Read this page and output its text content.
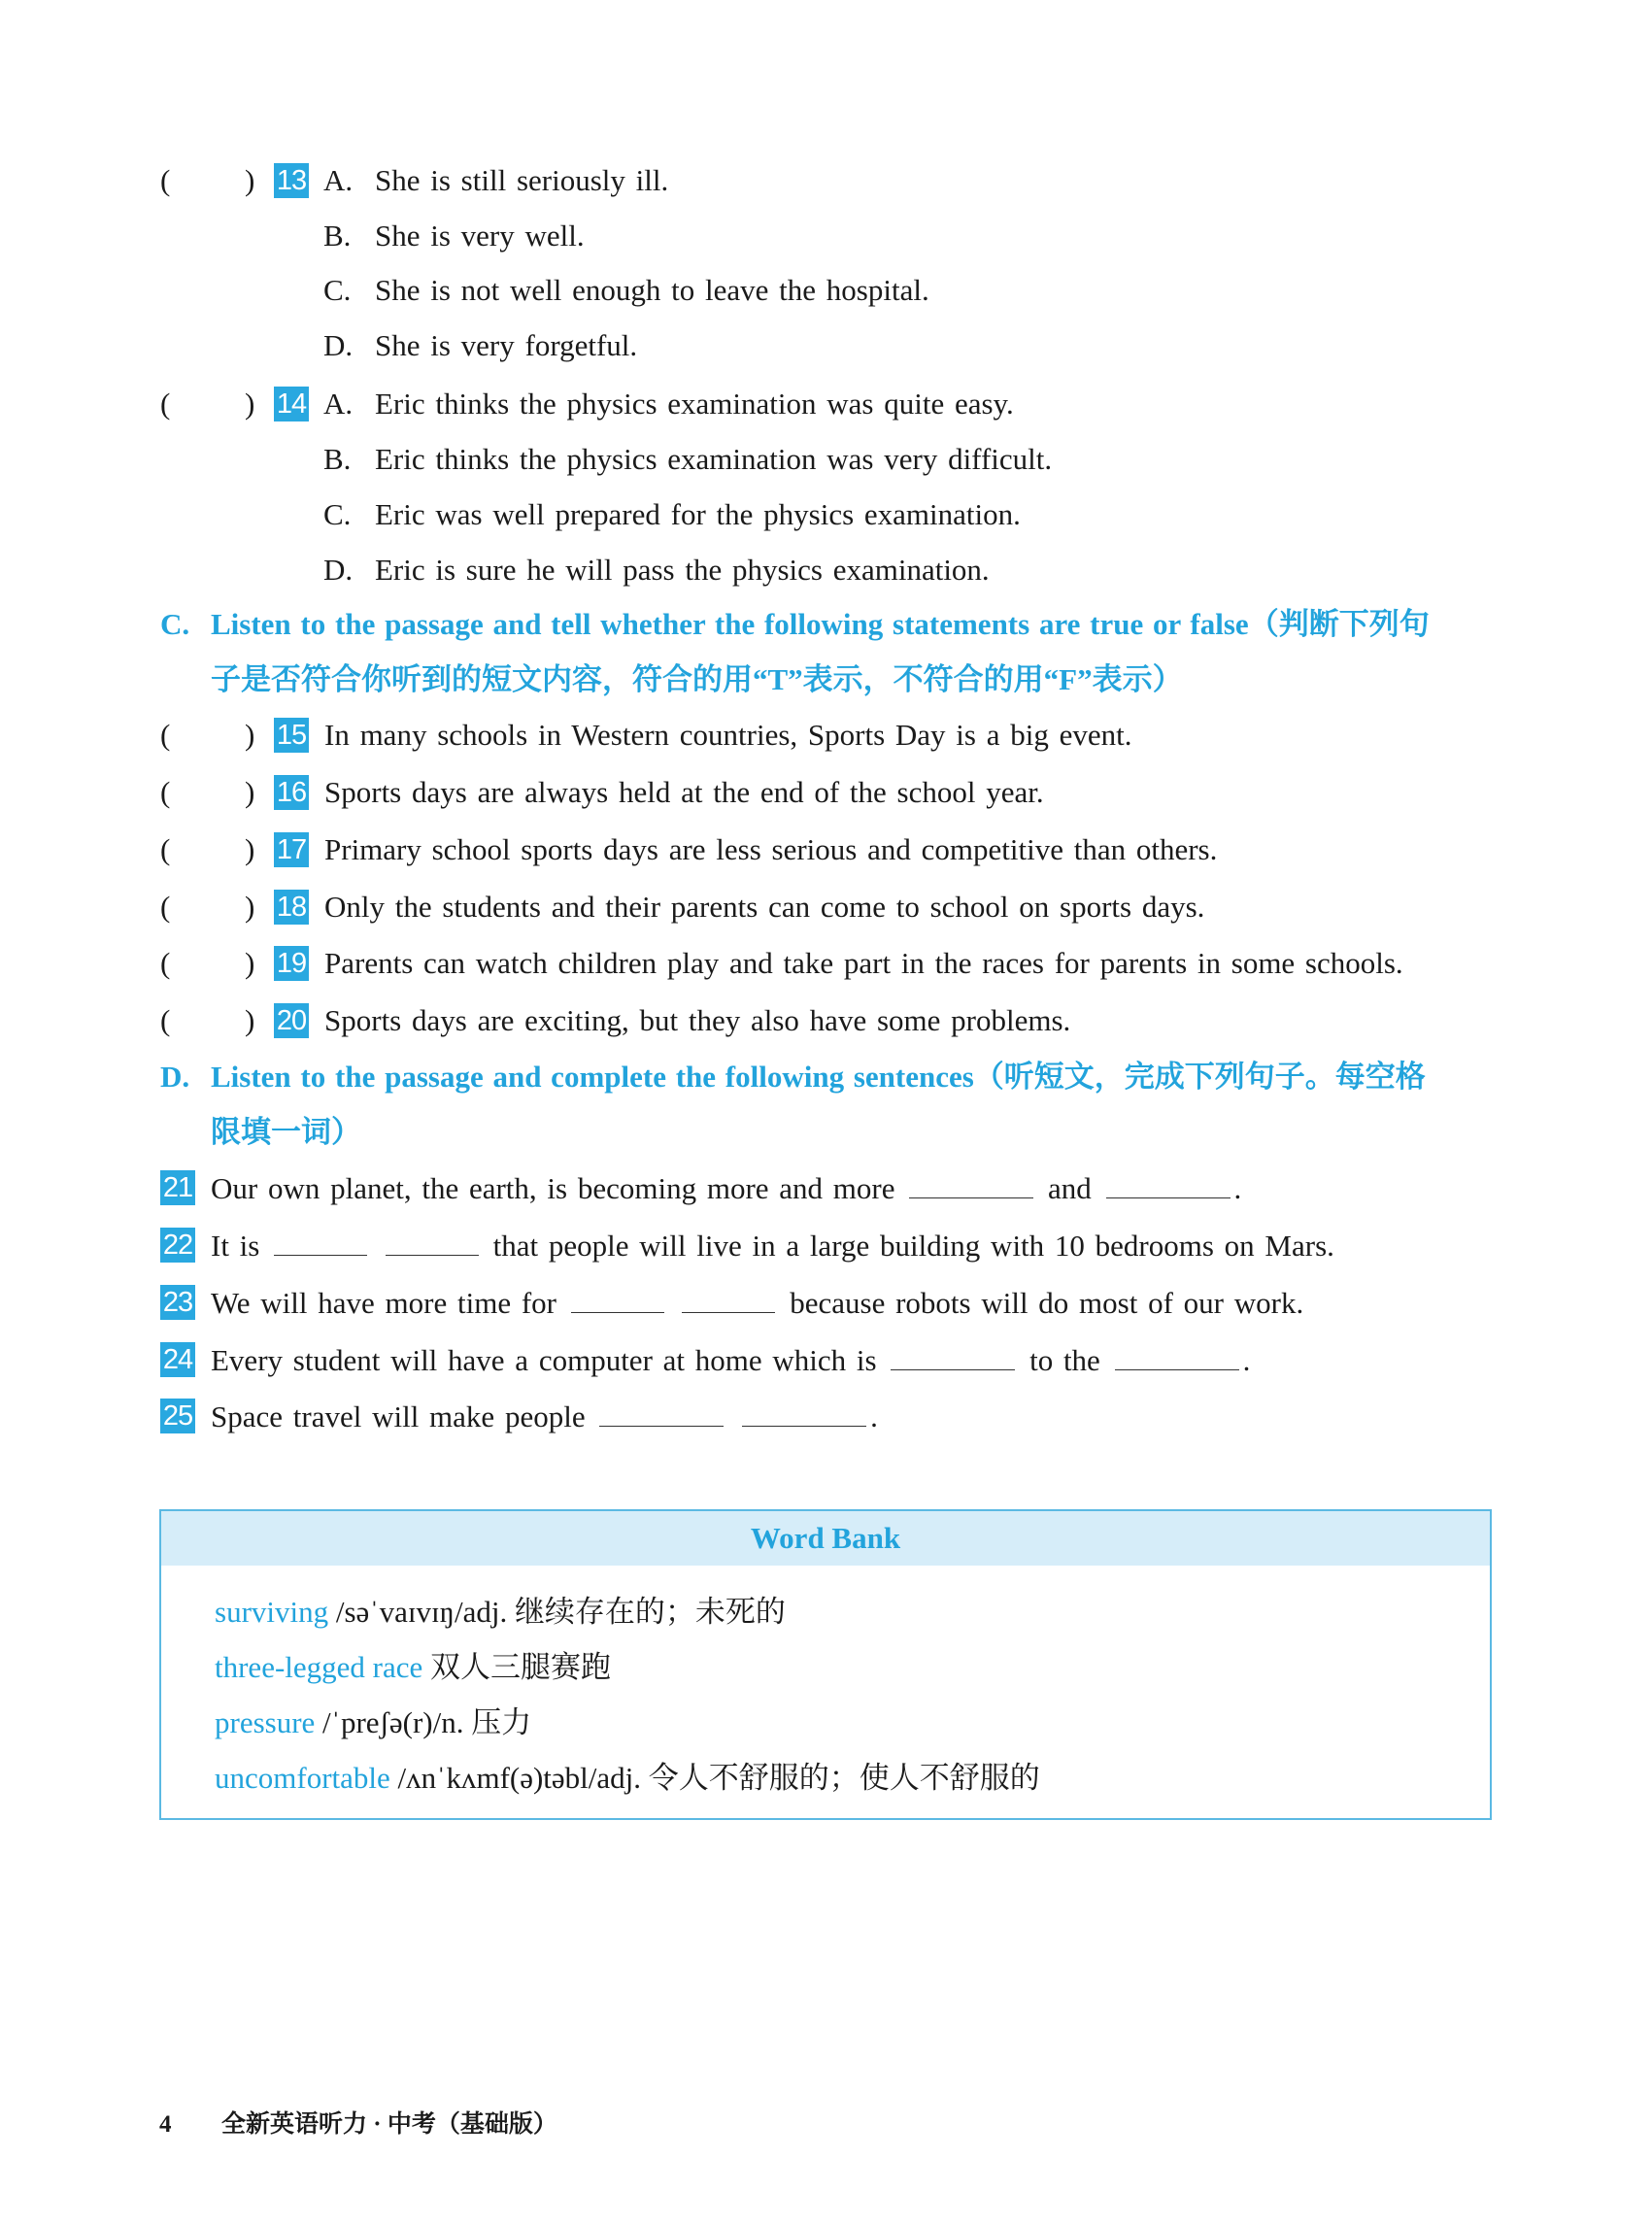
( ) 13 A. She is still seriously ill.
B. She is very well.
C. She is not well enough to leave the hospital.
D. She is very forgetful.
( ) 14 A. Eric thinks the physics examination was quite easy.
B. Eric thinks the physics examination was very difficult.
C. Eric was well prepared for the physics examination.
D. Eric is sure he will pass the physics examination.
C. Listen to the passage and tell whether the following statements are true or false（判断下列句
子是否符合你听到的短文内容，符合的用“T”表示，不符合的用“F”表示）
( ) 15 In many schools in Western countries, Sports Day is a big event.
( ) 16 Sports days are always held at the end of the school year.
( ) 17 Primary school sports days are less serious and competitive than others.
( ) 18 Only the students and their parents can come to school on sports days.
( ) 19 Parents can watch children play and take part in the races for parents in some schools.
( ) 20 Sports days are exciting, but they also have some problems.
D. Listen to the passage and complete the following sentences（听短文，完成下列句子。每空格
限填一词）
21 Our own planet, the earth, is becoming more and more	and	.
22 It is	that people will live in a large building with 10 bedrooms on Mars.
23 We will have more time for	because robots will do most of our work.
24 Every student will have a computer at home which is	to the	.
25 Space travel will make people	.
Word Bank
surviving /səˈvaɪvɪŋ/adj. 继续存在的；未死的
three-legged race 双人三腿赛跑
pressure /ˈpreʃə(r)/n. 压力
uncomfortable /ʌnˈkʌmf(ə)təbl/adj. 令人不舒服的；使人不舒服的
4 全新英语听力 · 中考（基础版）
